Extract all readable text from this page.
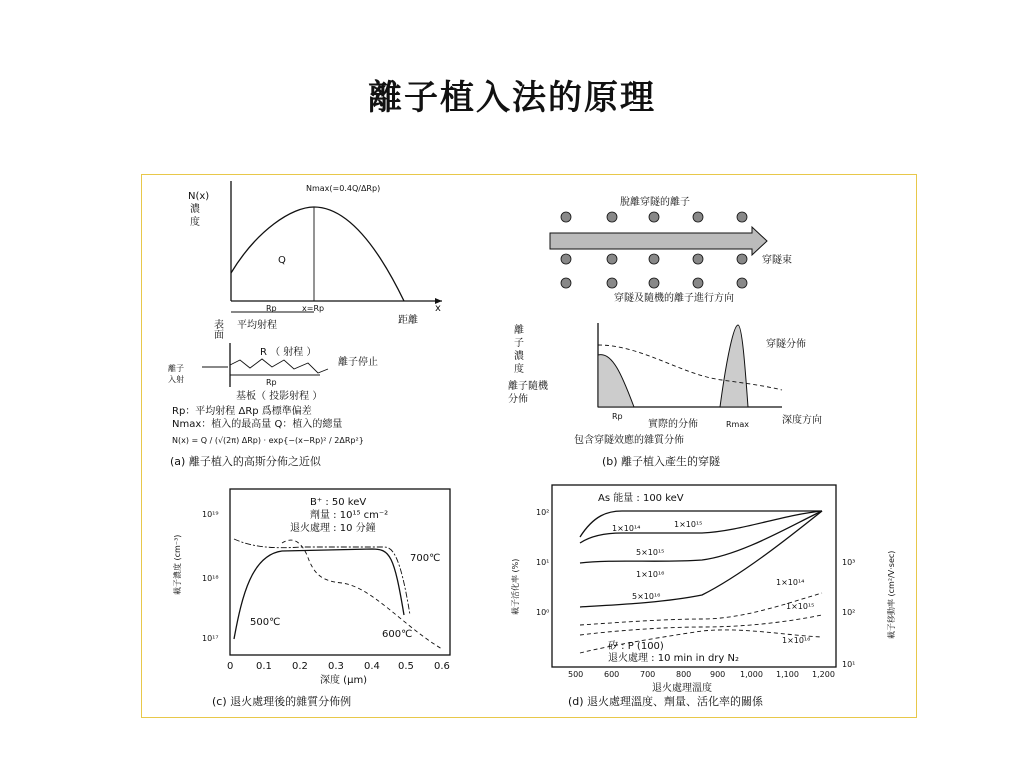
離子植入法的原理
N(x)
濃
度
Nmax(=0.4Q/ΔRp)
Q
Rp	x=Rp	x
表
面
平均射程	距離
離子
入射
R （ 射程 ）
離子停止
Rp
基板（ 投影射程 ）
Rp：平均射程 ΔRp 爲標準偏差
Nmax：植入的最高量 Q：植入的總量
N(x) = Q / (√(2π) ΔRp) · exp{−(x−Rp)² / 2ΔRp²}
(a) 離子植入的高斯分佈之近似
脫離穿隧的離子
穿隧束
穿隧及隨機的離子進行方向
離
子
濃
度
穿隧分佈
離子隨機
分佈
Rp
Rmax	深度方向
實際的分佈
包含穿隧效應的雜質分佈
(b) 離子植入產生的穿隧
B⁺ : 50 keV
劑量 : 10¹⁵ cm⁻²
退火處理 : 10 分鐘
10¹⁹
10¹⁸
10¹⁷
載子濃度 (cm⁻³)	700℃
500℃
600℃
0 0.1 0.2 0.3 0.4 0.5 0.6
深度 (μm)
(c) 退火處理後的雜質分佈例
As 能量 : 100 keV
1×10¹⁴	1×10¹⁵
5×10¹⁵
1×10¹⁶
5×10¹⁶
1×10¹⁴
1×10¹⁵
1×10¹⁶
矽 : P (100)
退火處理 : 10 min in dry N₂
10²
10¹
10⁰
載子活化率 (%)	10³
10²
10¹
載子移動率 (cm²/V·sec)
500	600	700	800 900 1,000 1,100 1,200
退火處理溫度
(d) 退火處理溫度、劑量、活化率的關係
